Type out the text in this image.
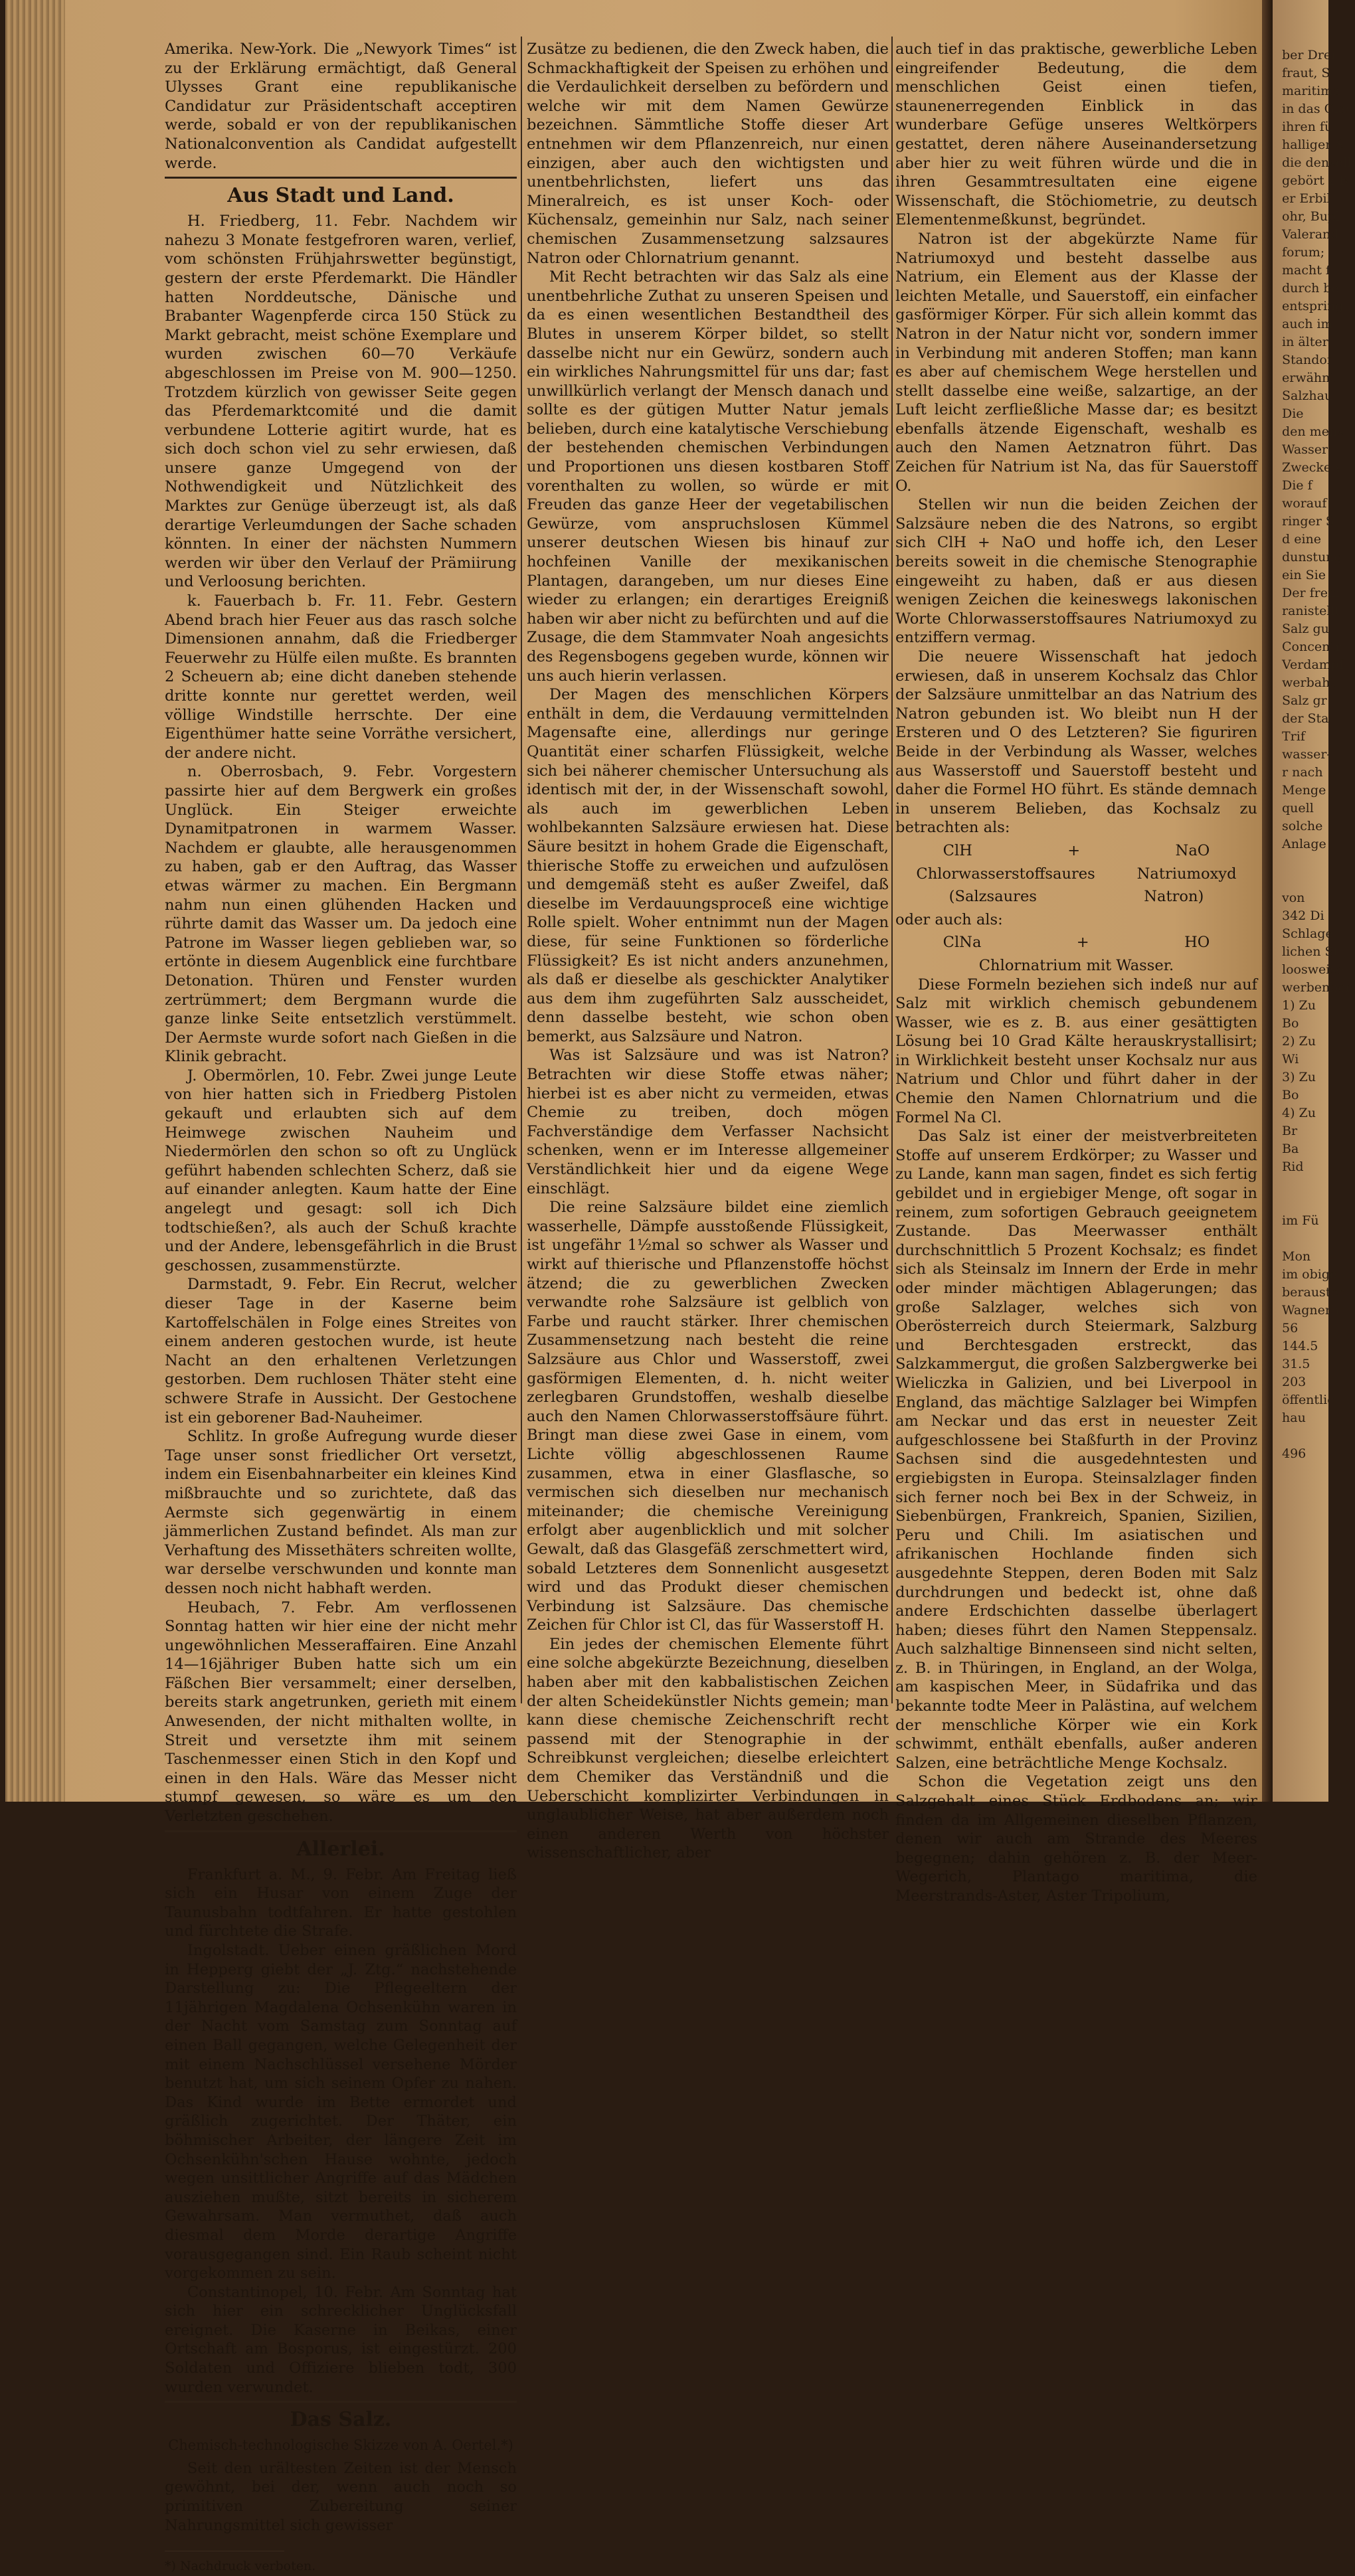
Amerika. New-York. Die „Newyork Times“ ist zu der Erklärung ermächtigt, daß General Ulysses Grant eine republikanische Candidatur zur Präsidentschaft acceptiren werde, sobald er von der republikanischen Nationalconvention als Candidat aufgestellt werde.

Aus Stadt und Land.

H. Friedberg, 11. Febr. Nachdem wir nahezu 3 Monate festgefroren waren, verlief, vom schönsten Frühjahrswetter begünstigt, gestern der erste Pferdemarkt. Die Händler hatten Norddeutsche, Dänische und Brabanter Wagenpferde circa 150 Stück zu Markt gebracht, meist schöne Exemplare und wurden zwischen 60—70 Verkäufe abgeschlossen im Preise von M. 900—1250. Trotzdem kürzlich von gewisser Seite gegen das Pferdemarktcomité und die damit verbundene Lotterie agitirt wurde, hat es sich doch schon viel zu sehr erwiesen, daß unsere ganze Umgegend von der Nothwendigkeit und Nützlichkeit des Marktes zur Genüge überzeugt ist, als daß derartige Verleumdungen der Sache schaden könnten. In einer der nächsten Nummern werden wir über den Verlauf der Prämiirung und Verloosung berichten.

k. Fauerbach b. Fr. 11. Febr. Gestern Abend brach hier Feuer aus das rasch solche Dimensionen annahm, daß die Friedberger Feuerwehr zu Hülfe eilen mußte. Es brannten 2 Scheuern ab; eine dicht daneben stehende dritte konnte nur gerettet werden, weil völlige Windstille herrschte. Der eine Eigenthümer hatte seine Vorräthe versichert, der andere nicht.

n. Oberrosbach, 9. Febr. Vorgestern passirte hier auf dem Bergwerk ein großes Unglück. Ein Steiger erweichte Dynamitpatronen in warmem Wasser. Nachdem er glaubte, alle herausgenommen zu haben, gab er den Auftrag, das Wasser etwas wärmer zu machen. Ein Bergmann nahm nun einen glühenden Hacken und rührte damit das Wasser um. Da jedoch eine Patrone im Wasser liegen geblieben war, so ertönte in diesem Augenblick eine furchtbare Detonation. Thüren und Fenster wurden zertrümmert; dem Bergmann wurde die ganze linke Seite entsetzlich verstümmelt. Der Aermste wurde sofort nach Gießen in die Klinik gebracht.

J. Obermörlen, 10. Febr. Zwei junge Leute von hier hatten sich in Friedberg Pistolen gekauft und erlaubten sich auf dem Heimwege zwischen Nauheim und Niedermörlen den schon so oft zu Unglück geführt habenden schlechten Scherz, daß sie auf einander anlegten. Kaum hatte der Eine angelegt und gesagt: soll ich Dich todtschießen?, als auch der Schuß krachte und der Andere, lebensgefährlich in die Brust geschossen, zusammenstürzte.

Darmstadt, 9. Febr. Ein Recrut, welcher dieser Tage in der Kaserne beim Kartoffelschälen in Folge eines Streites von einem anderen gestochen wurde, ist heute Nacht an den erhaltenen Verletzungen gestorben. Dem ruchlosen Thäter steht eine schwere Strafe in Aussicht. Der Gestochene ist ein geborener Bad-Nauheimer.

Schlitz. In große Aufregung wurde dieser Tage unser sonst friedlicher Ort versetzt, indem ein Eisenbahnarbeiter ein kleines Kind mißbrauchte und so zurichtete, daß das Aermste sich gegenwärtig in einem jämmerlichen Zustand befindet. Als man zur Verhaftung des Missethäters schreiten wollte, war derselbe verschwunden und konnte man dessen noch nicht habhaft werden.

Heubach, 7. Febr. Am verflossenen Sonntag hatten wir hier eine der nicht mehr ungewöhnlichen Messeraffairen. Eine Anzahl 14—16jähriger Buben hatte sich um ein Fäßchen Bier versammelt; einer derselben, bereits stark angetrunken, gerieth mit einem Anwesenden, der nicht mithalten wollte, in Streit und versetzte ihm mit seinem Taschenmesser einen Stich in den Kopf und einen in den Hals. Wäre das Messer nicht stumpf gewesen, so wäre es um den Verletzten geschehen.

Allerlei.

Frankfurt a. M., 9. Febr. Am Freitag ließ sich ein Husar von einem Zuge der Taunusbahn todtfahren. Er hatte gestohlen und fürchtete die Strafe.

Ingolstadt. Ueber einen gräßlichen Mord in Hepperg giebt der „J. Ztg.“ nachstehende Darstellung zu: Die Pflegeeltern der 11jährigen Magdalena Ochsenkühn waren in der Nacht vom Samstag zum Sonntag auf einen Ball gegangen, welche Gelegenheit der mit einem Nachschlüssel versehene Mörder benutzt hat, um sich seinem Opfer zu nahen. Das Kind wurde im Bette ermordet und gräßlich zugerichtet. Der Thäter, ein böhmischer Arbeiter, der längere Zeit im Ochsenkühn'schen Hause wohnte, jedoch wegen unsittlicher Angriffe auf das Mädchen ausziehen mußte, sitzt bereits in sicherem Gewahrsam. Man vermuthet, daß auch diesmal dem Morde derartige Angriffe vorausgegangen sind. Ein Raub scheint nicht vorgekommen zu sein.

Constantinopel, 10. Febr. Am Sonntag hat sich hier ein schrecklicher Unglücksfall ereignet. Die Kaserne in Beikas, einer Ortschaft am Bosporus, ist eingestürzt. 200 Soldaten und Offiziere blieben todt, 300 wurden verwundet.

Das Salz.
Chemisch-technologische Skizze von A. Oertel.*)

Seit den urältesten Zeiten ist der Mensch gewöhnt, bei der, wenn auch noch so primitiven Zubereitung seiner Nahrungsmittel sich gewisser

*) Nachdruck verboten.

Zusätze zu bedienen, die den Zweck haben, die Schmackhaftigkeit der Speisen zu erhöhen und die Verdaulichkeit derselben zu befördern und welche wir mit dem Namen Gewürze bezeichnen. Sämmtliche Stoffe dieser Art entnehmen wir dem Pflanzenreich, nur einen einzigen, aber auch den wichtigsten und unentbehrlichsten, liefert uns das Mineralreich, es ist unser Koch- oder Küchensalz, gemeinhin nur Salz, nach seiner chemischen Zusammensetzung salzsaures Natron oder Chlornatrium genannt.

Mit Recht betrachten wir das Salz als eine unentbehrliche Zuthat zu unseren Speisen und da es einen wesentlichen Bestandtheil des Blutes in unserem Körper bildet, so stellt dasselbe nicht nur ein Gewürz, sondern auch ein wirkliches Nahrungsmittel für uns dar; fast unwillkürlich verlangt der Mensch danach und sollte es der gütigen Mutter Natur jemals belieben, durch eine katalytische Verschiebung der bestehenden chemischen Verbindungen und Proportionen uns diesen kostbaren Stoff vorenthalten zu wollen, so würde er mit Freuden das ganze Heer der vegetabilischen Gewürze, vom anspruchslosen Kümmel unserer deutschen Wiesen bis hinauf zur hochfeinen Vanille der mexikanischen Plantagen, darangeben, um nur dieses Eine wieder zu erlangen; ein derartiges Ereigniß haben wir aber nicht zu befürchten und auf die Zusage, die dem Stammvater Noah angesichts des Regensbogens gegeben wurde, können wir uns auch hierin verlassen.

Der Magen des menschlichen Körpers enthält in dem, die Verdauung vermittelnden Magensafte eine, allerdings nur geringe Quantität einer scharfen Flüssigkeit, welche sich bei näherer chemischer Untersuchung als identisch mit der, in der Wissenschaft sowohl, als auch im gewerblichen Leben wohlbekannten Salzsäure erwiesen hat. Diese Säure besitzt in hohem Grade die Eigenschaft, thierische Stoffe zu erweichen und aufzulösen und demgemäß steht es außer Zweifel, daß dieselbe im Verdauungsproceß eine wichtige Rolle spielt. Woher entnimmt nun der Magen diese, für seine Funktionen so förderliche Flüssigkeit? Es ist nicht anders anzunehmen, als daß er dieselbe als geschickter Analytiker aus dem ihm zugeführten Salz ausscheidet, denn dasselbe besteht, wie schon oben bemerkt, aus Salzsäure und Natron.

Was ist Salzsäure und was ist Natron? Betrachten wir diese Stoffe etwas näher; hierbei ist es aber nicht zu vermeiden, etwas Chemie zu treiben, doch mögen Fachverständige dem Verfasser Nachsicht schenken, wenn er im Interesse allgemeiner Verständlichkeit hier und da eigene Wege einschlägt.

Die reine Salzsäure bildet eine ziemlich wasserhelle, Dämpfe ausstoßende Flüssigkeit, ist ungefähr 1½mal so schwer als Wasser und wirkt auf thierische und Pflanzenstoffe höchst ätzend; die zu gewerblichen Zwecken verwandte rohe Salzsäure ist gelblich von Farbe und raucht stärker. Ihrer chemischen Zusammensetzung nach besteht die reine Salzsäure aus Chlor und Wasserstoff, zwei gasförmigen Elementen, d. h. nicht weiter zerlegbaren Grundstoffen, weshalb dieselbe auch den Namen Chlorwasserstoffsäure führt. Bringt man diese zwei Gase in einem, vom Lichte völlig abgeschlossenen Raume zusammen, etwa in einer Glasflasche, so vermischen sich dieselben nur mechanisch miteinander; die chemische Vereinigung erfolgt aber augenblicklich und mit solcher Gewalt, daß das Glasgefäß zerschmettert wird, sobald Letzteres dem Sonnenlicht ausgesetzt wird und das Produkt dieser chemischen Verbindung ist Salzsäure. Das chemische Zeichen für Chlor ist Cl, das für Wasserstoff H.

Ein jedes der chemischen Elemente führt eine solche abgekürzte Bezeichnung, dieselben haben aber mit den kabbalistischen Zeichen der alten Scheidekünstler Nichts gemein; man kann diese chemische Zeichenschrift recht passend mit der Stenographie in der Schreibkunst vergleichen; dieselbe erleichtert dem Chemiker das Verständniß und die Ueberschicht komplizirter Verbindungen in unglaublicher Weise, hat aber außerdem noch einen anderen Werth von höchster wissenschaftlicher, aber

auch tief in das praktische, gewerbliche Leben eingreifender Bedeutung, die dem menschlichen Geist einen tiefen, staunenerregenden Einblick in das wunderbare Gefüge unseres Weltkörpers gestattet, deren nähere Auseinandersetzung aber hier zu weit führen würde und die in ihren Gesammtresultaten eine eigene Wissenschaft, die Stöchiometrie, zu deutsch Elementenmeßkunst, begründet.

Natron ist der abgekürzte Name für Natriumoxyd und besteht dasselbe aus Natrium, ein Element aus der Klasse der leichten Metalle, und Sauerstoff, ein einfacher gasförmiger Körper. Für sich allein kommt das Natron in der Natur nicht vor, sondern immer in Verbindung mit anderen Stoffen; man kann es aber auf chemischem Wege herstellen und stellt dasselbe eine weiße, salzartige, an der Luft leicht zerfließliche Masse dar; es besitzt ebenfalls ätzende Eigenschaft, weshalb es auch den Namen Aetznatron führt. Das Zeichen für Natrium ist Na, das für Sauerstoff O.

Stellen wir nun die beiden Zeichen der Salzsäure neben die des Natrons, so ergibt sich ClH + NaO und hoffe ich, den Leser bereits soweit in die chemische Stenographie eingeweiht zu haben, daß er aus diesen wenigen Zeichen die keineswegs lakonischen Worte Chlorwasserstoffsaures Natriumoxyd zu entziffern vermag.

Die neuere Wissenschaft hat jedoch erwiesen, daß in unserem Kochsalz das Chlor der Salzsäure unmittelbar an das Natrium des Natron gebunden ist. Wo bleibt nun H der Ersteren und O des Letzteren? Sie figuriren Beide in der Verbindung als Wasser, welches aus Wasserstoff und Sauerstoff besteht und daher die Formel HO führt. Es stände demnach in unserem Belieben, das Kochsalz zu betrachten als:

ClH	+	NaO
Chlorwasserstoffsaures	Natriumoxyd
(Salzsaures	Natron)

oder auch als:

ClNa	+	HO

Chlornatrium mit Wasser.

Diese Formeln beziehen sich indeß nur auf Salz mit wirklich chemisch gebundenem Wasser, wie es z. B. aus einer gesättigten Lösung bei 10 Grad Kälte herauskrystallisirt; in Wirklichkeit besteht unser Kochsalz nur aus Natrium und Chlor und führt daher in der Chemie den Namen Chlornatrium und die Formel Na Cl.

Das Salz ist einer der meistverbreiteten Stoffe auf unserem Erdkörper; zu Wasser und zu Lande, kann man sagen, findet es sich fertig gebildet und in ergiebiger Menge, oft sogar in reinem, zum sofortigen Gebrauch geeignetem Zustande. Das Meerwasser enthält durchschnittlich 5 Prozent Kochsalz; es findet sich als Steinsalz im Innern der Erde in mehr oder minder mächtigen Ablagerungen; das große Salzlager, welches sich von Oberösterreich durch Steiermark, Salzburg und Berchtesgaden erstreckt, das Salzkammergut, die großen Salzbergwerke bei Wieliczka in Galizien, und bei Liverpool in England, das mächtige Salzlager bei Wimpfen am Neckar und das erst in neuester Zeit aufgeschlossene bei Staßfurth in der Provinz Sachsen sind die ausgedehntesten und ergiebigsten in Europa. Steinsalzlager finden sich ferner noch bei Bex in der Schweiz, in Siebenbürgen, Frankreich, Spanien, Sizilien, Peru und Chili. Im asiatischen und afrikanischen Hochlande finden sich ausgedehnte Steppen, deren Boden mit Salz durchdrungen und bedeckt ist, ohne daß andere Erdschichten dasselbe überlagert haben; dieses führt den Namen Steppensalz. Auch salzhaltige Binnenseen sind nicht selten, z. B. in Thüringen, in England, an der Wolga, am kaspischen Meer, in Südafrika und das bekannte todte Meer in Palästina, auf welchem der menschliche Körper wie ein Kork schwimmt, enthält ebenfalls, außer anderen Salzen, eine beträchtliche Menge Kochsalz.

Schon die Vegetation zeigt uns den Salzgehalt eines Stück Erdbodens an; wir finden da im Allgemeinen dieselben Pflanzen, denen wir auch am Strande des Meeres begegnen; dahin gehören z. B. der Meer-Wegerich, Plantago maritima, die Meerstrands-Aster, Aster Tripolium,

ber Drei
fraut, S
maritima
in das Glas
ihren fü
halliger S
die denselb
gebört z B
er Erbil
ohr, Bupl
Valerand
forum;
macht fi
durch be
entspring
auch im
in älter
Standor
erwähnt
Salzhau
Die
den mens
Wasser
Zwecke v
Die f
worauf
ringer S
d eine
dunstung
ein Sie
Der frem
ranistellt
Salz gu
Concentr
Verdampf
werbaht
Salz gr
der Sta
Trif
wasser-
r nach
Menge
quell
solche
Anlage
von
342 Di
Schlage
lichen St
loosweise
werbenber
1) Zu
Bo
2) Zu
Wi
3) Zu
Bo
4) Zu
Br
Ba
Rid
im Fü
Mon
im obige
berauster
Wagnerh
56
144.5
31.5
203
öffentlic
hau
496
